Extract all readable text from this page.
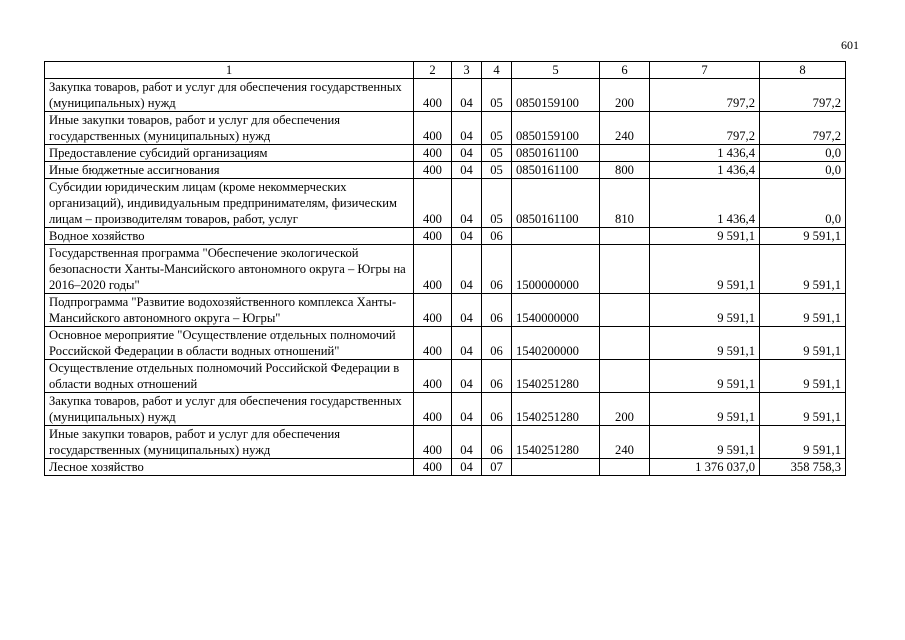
601
1	2	3	4	5	6	7	8
Закупка товаров, работ и услуг для обеспечения государственных (муниципальных) нужд	400	04	05	0850159100	200	797,2	797,2
Иные закупки товаров, работ и услуг для обеспечения государственных (муниципальных) нужд	400	04	05	0850159100	240	797,2	797,2
Предоставление субсидий организациям	400	04	05	0850161100		1 436,4	0,0
Иные бюджетные ассигнования	400	04	05	0850161100	800	1 436,4	0,0
Субсидии юридическим лицам (кроме некоммерческих организаций), индивидуальным предпринимателям, физическим лицам – производителям товаров, работ, услуг	400	04	05	0850161100	810	1 436,4	0,0
Водное хозяйство	400	04	06			9 591,1	9 591,1
Государственная программа "Обеспечение экологической безопасности Ханты-Мансийского автономного округа – Югры на 2016–2020 годы"	400	04	06	1500000000		9 591,1	9 591,1
Подпрограмма "Развитие водохозяйственного комплекса Ханты-Мансийского автономного округа – Югры"	400	04	06	1540000000		9 591,1	9 591,1
Основное мероприятие "Осуществление отдельных полномочий Российской Федерации в области водных отношений"	400	04	06	1540200000		9 591,1	9 591,1
Осуществление отдельных полномочий Российской Федерации в области водных отношений	400	04	06	1540251280		9 591,1	9 591,1
Закупка товаров, работ и услуг для обеспечения государственных (муниципальных) нужд	400	04	06	1540251280	200	9 591,1	9 591,1
Иные закупки товаров, работ и услуг для обеспечения государственных (муниципальных) нужд	400	04	06	1540251280	240	9 591,1	9 591,1
Лесное хозяйство	400	04	07			1 376 037,0	358 758,3
